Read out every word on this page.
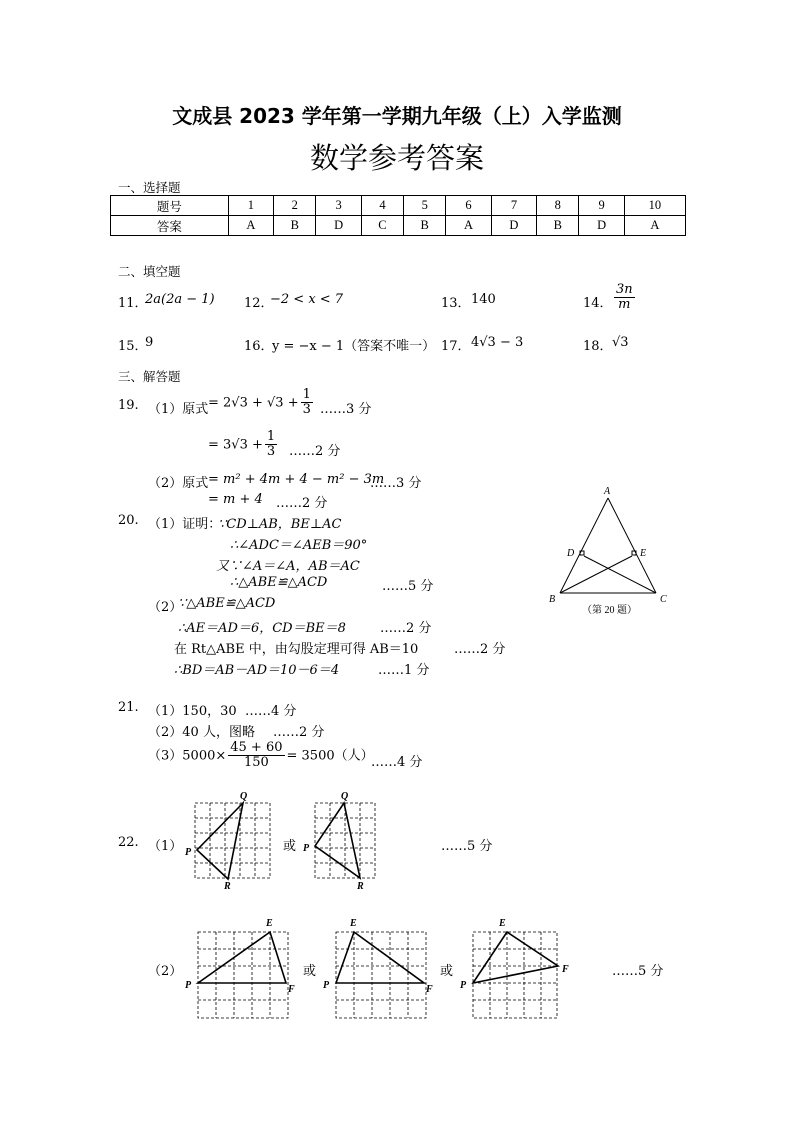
文成县 2023 学年第一学期九年级（上）入学监测
数学参考答案
一、选择题
题号	1	2	3	4	5	6	7	8	9	10
答案	A	B	D	C	B	A	D	B	D	A
二、填空题
11．
2a(2a − 1) 12．
−2 < x < 7	13． 140	14． $\frac{3n}{m}$
15．
9	16．
y = −x − 1（答案不唯一） 17． 4√3 − 3	18． √3
三、解答题
19. （1）原式 = $2√3 + √3 + \frac{1}{3}$ ……3 分
= $3√3 + \frac{1}{3}$ ……2 分
（2）原式 = m² + 4m + 4 − m² − 3m
……3 分
= m + 4 ……2 分
20. （1）证明：
∵CD⊥AB，BE⊥AC
∴∠ADC＝∠AEB＝90°
又∵∠A＝∠A，AB＝AC
∴△ABE≌△ACD	……5 分
（2）
∵△ABE≌△ACD
∴AE＝AD＝6，CD＝BE＝8	……2 分
在 Rt△ABE 中，由勾股定理可得 AB＝10	……2 分
∴BD＝AB－AD＝10－6＝4	……1 分
A
B	C
D	E
（第 20 题）
21. （1）150，30 ……4 分
（2）40 人，图略 ……2 分
$(3)5000\times \frac{45 + 60}{150} = 3500$（人）
……4 分
22. （1）
Q
P
R
或
Q
P
R
……5 分
（2）
E
P	F
或
E
P	F
或
E
P
F	……5 分
